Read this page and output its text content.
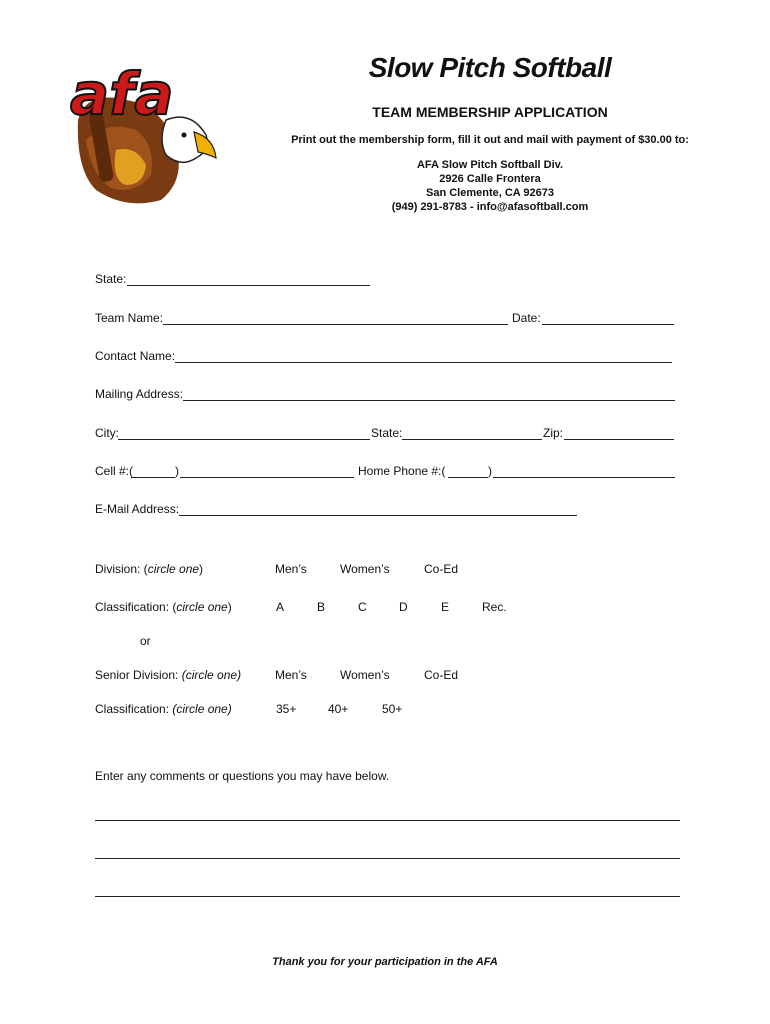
afa	Slow Pitch Softball
TEAM MEMBERSHIP APPLICATION
Print out the membership form, fill it out and mail with payment of $30.00 to:
AFA Slow Pitch Softball Div.
2926 Calle Frontera
San Clemente, CA 92673
(949) 291-8783 - info@afasoftball.com
State:
Team Name:	Date:
Contact Name:
Mailing Address:
City:	State:	Zip:
Cell #:(	)	Home Phone #:(	)
E-Mail Address:
Division: (circle one)	Men’s	Women’s	Co-Ed
Classification: (circle one)	A	B	C	D	E	Rec.
or
Senior Division: (circle one)	Men’s	Women’s	Co-Ed
Classification: (circle one)	35+	40+	50+
Enter any comments or questions you may have below.
Thank you for your participation in the AFA
